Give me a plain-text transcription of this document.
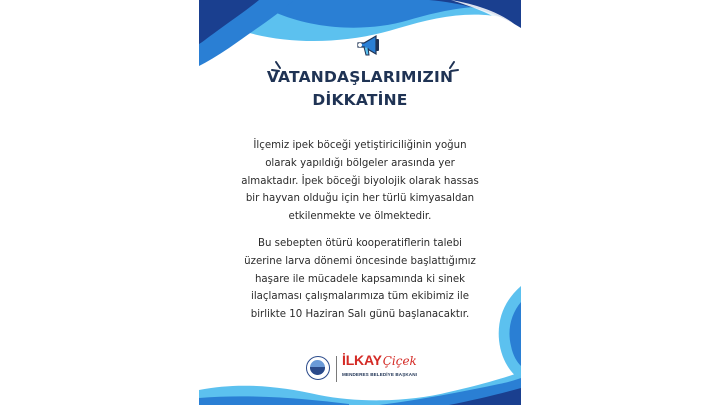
VATANDAŞLARIMIZIN
DİKKATİNE
İlçemiz ipek böceği yetiştiriciliğinin yoğun
olarak yapıldığı bölgeler arasında yer
almaktadır. İpek böceği biyolojik olarak hassas
bir hayvan olduğu için her türlü kimyasaldan
etkilenmekte ve ölmektedir.
Bu sebepten ötürü kooperatiflerin talebi
üzerine larva dönemi öncesinde başlattığımız
haşare ile mücadele kapsamında ki sinek
ilaçlaması çalışmalarımıza tüm ekibimiz ile
birlikte 10 Haziran Salı günü başlanacaktır.
İLKAYÇiçek
MENDERES BELEDİYE BAŞKANI
